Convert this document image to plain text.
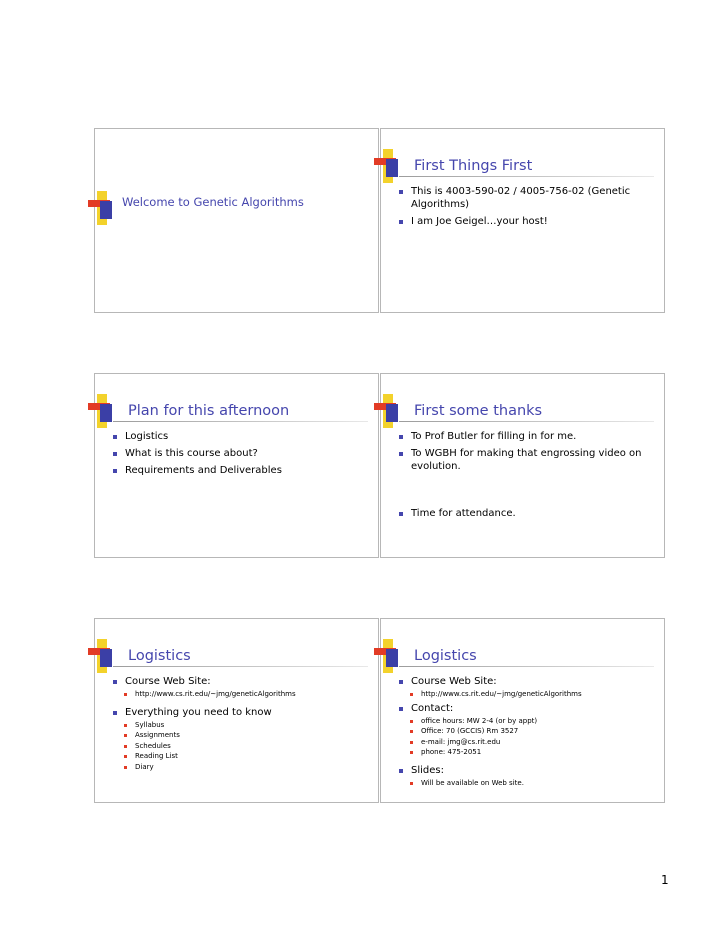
Welcome to Genetic Algorithms
First Things First
This is 4003-590-02 / 4005-756-02 (Genetic Algorithms)
I am Joe Geigel…your host!
Plan for this afternoon
Logistics
What is this course about?
Requirements and Deliverables
First some thanks
To Prof Butler for filling in for me.
To WGBH for making that engrossing video on evolution.
Time for attendance.
Logistics
Course Web Site:
http://www.cs.rit.edu/~jmg/geneticAlgorithms
Everything you need to know
Syllabus
Assignments
Schedules
Reading List
Diary
Logistics
Course Web Site:
http://www.cs.rit.edu/~jmg/geneticAlgorithms
Contact:
office hours: MW 2-4 (or by appt)
Office: 70 (GCCIS) Rm 3527
e-mail: jmg@cs.rit.edu
phone: 475-2051
Slides:
Will be available on Web site.
1
